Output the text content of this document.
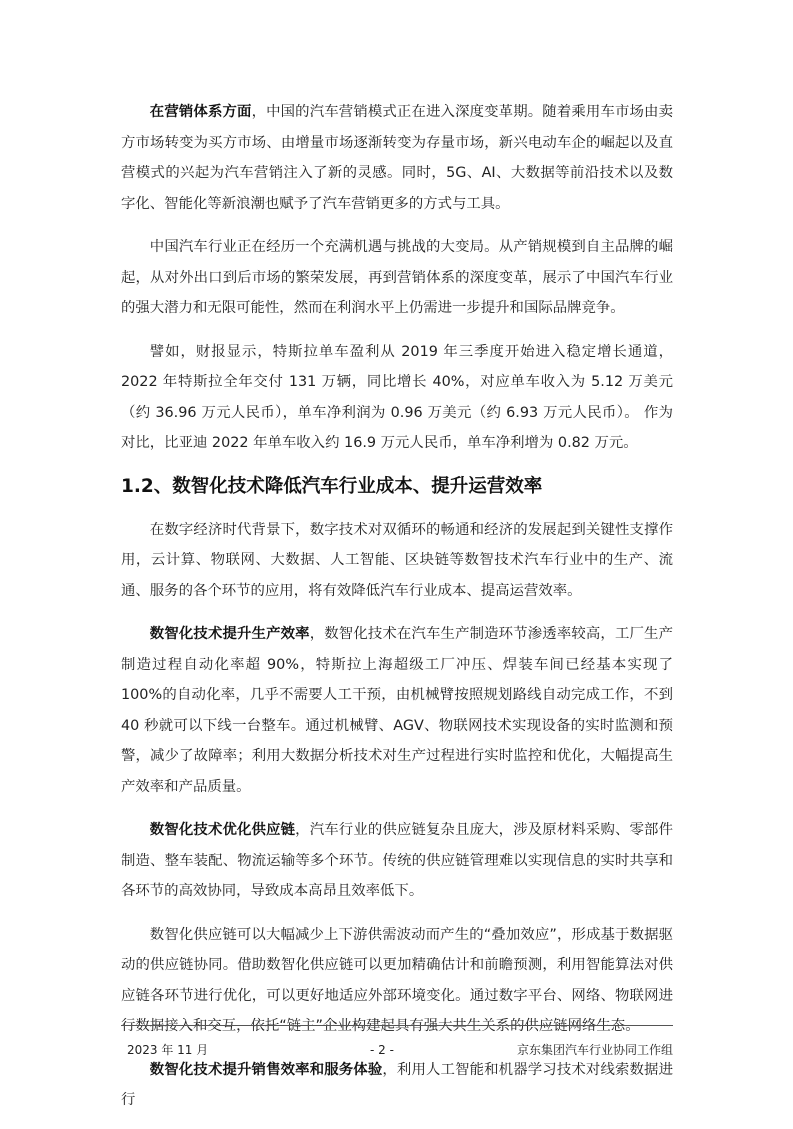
在营销体系方面，中国的汽车营销模式正在进入深度变革期。随着乘用车市场由卖方市场转变为买方市场、由增量市场逐渐转变为存量市场，新兴电动车企的崛起以及直营模式的兴起为汽车营销注入了新的灵感。同时，5G、AI、大数据等前沿技术以及数字化、智能化等新浪潮也赋予了汽车营销更多的方式与工具。

中国汽车行业正在经历一个充满机遇与挑战的大变局。从产销规模到自主品牌的崛起，从对外出口到后市场的繁荣发展，再到营销体系的深度变革，展示了中国汽车行业的强大潜力和无限可能性，然而在利润水平上仍需进一步提升和国际品牌竞争。

譬如，财报显示，特斯拉单车盈利从 2019 年三季度开始进入稳定增长通道，2022 年特斯拉全年交付 131 万辆，同比增长 40%，对应单车收入为 5.12 万美元（约 36.96 万元人民币），单车净利润为 0.96 万美元（约 6.93 万元人民币）。 作为对比，比亚迪 2022 年单车收入约 16.9 万元人民币，单车净利增为 0.82 万元。

1.2、数智化技术降低汽车行业成本、提升运营效率

在数字经济时代背景下，数字技术对双循环的畅通和经济的发展起到关键性支撑作用，云计算、物联网、大数据、人工智能、区块链等数智技术汽车行业中的生产、流通、服务的各个环节的应用，将有效降低汽车行业成本、提高运营效率。

数智化技术提升生产效率，数智化技术在汽车生产制造环节渗透率较高，工厂生产制造过程自动化率超 90%，特斯拉上海超级工厂冲压、焊装车间已经基本实现了 100%的自动化率，几乎不需要人工干预，由机械臂按照规划路线自动完成工作，不到 40 秒就可以下线一台整车。通过机械臂、AGV、物联网技术实现设备的实时监测和预警，减少了故障率；利用大数据分析技术对生产过程进行实时监控和优化，大幅提高生产效率和产品质量。

数智化技术优化供应链，汽车行业的供应链复杂且庞大，涉及原材料采购、零部件制造、整车装配、物流运输等多个环节。传统的供应链管理难以实现信息的实时共享和各环节的高效协同，导致成本高昂且效率低下。

数智化供应链可以大幅减少上下游供需波动而产生的“叠加效应”，形成基于数据驱动的供应链协同。借助数智化供应链可以更加精确估计和前瞻预测，利用智能算法对供应链各环节进行优化，可以更好地适应外部环境变化。通过数字平台、网络、物联网进行数据接入和交互，依托“链主”企业构建起具有强大共生关系的供应链网络生态。

数智化技术提升销售效率和服务体验，利用人工智能和机器学习技术对线索数据进行

2023 年 11 月	- 2 -	京东集团汽车行业协同工作组
